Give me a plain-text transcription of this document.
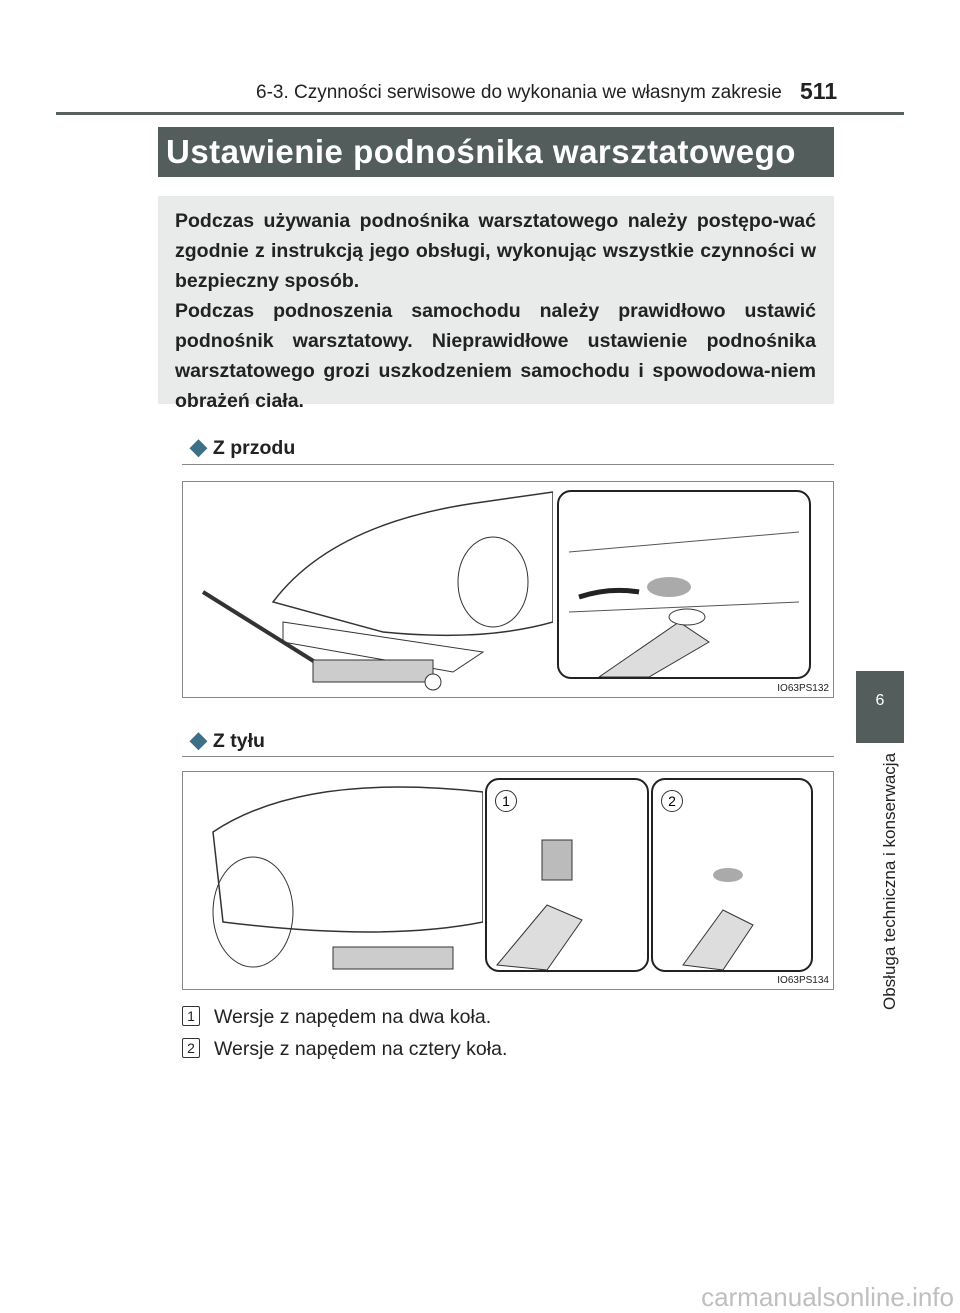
6-3. Czynności serwisowe do wykonania we własnym zakresie 511
Ustawienie podnośnika warsztatowego

Podczas używania podnośnika warsztatowego należy postępo-wać zgodnie z instrukcją jego obsługi, wykonując wszystkie czynności w bezpieczny sposób.

Podczas podnoszenia samochodu należy prawidłowo ustawić podnośnik warsztatowy. Nieprawidłowe ustawienie podnośnika warsztatowego grozi uszkodzeniem samochodu i spowodowa-niem obrażeń ciała.

◆ Z przodu
IO63PS132
◆ Z tyłu
1	2
IO63PS134
1 Wersje z napędem na dwa koła.
2 Wersje z napędem na cztery koła.
6
Obsługa techniczna i konserwacja
carmanualsonline.info
